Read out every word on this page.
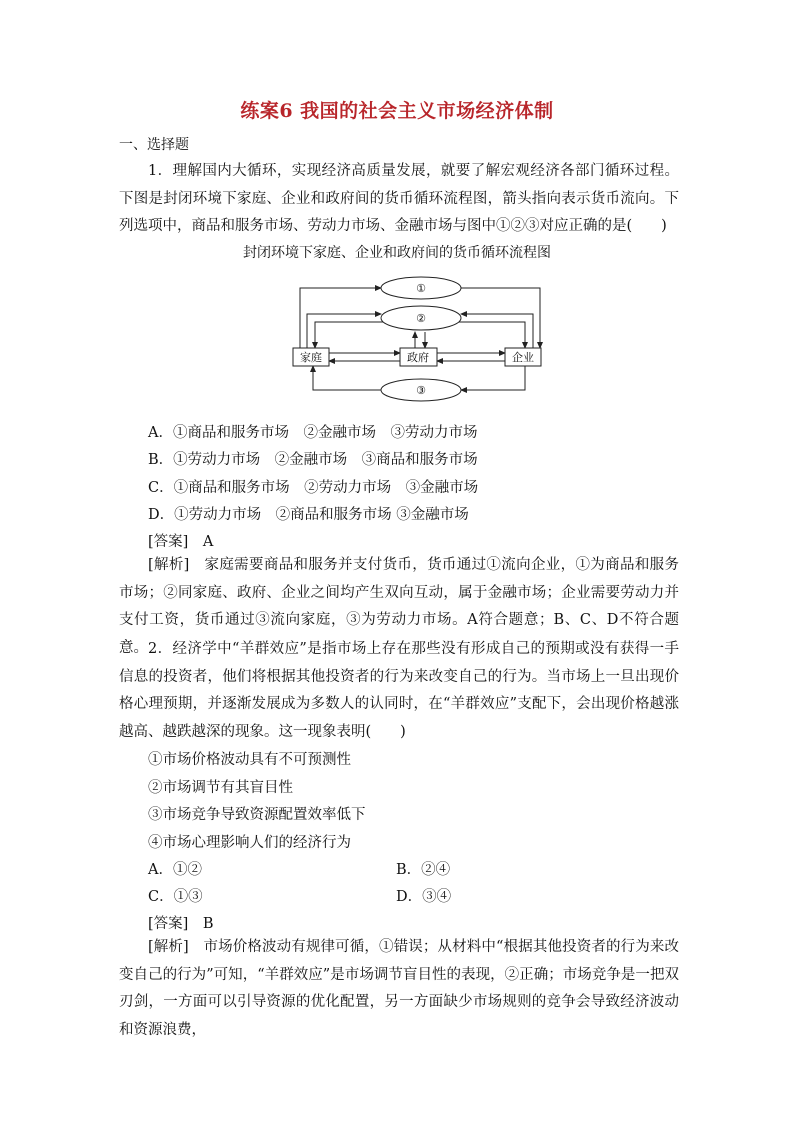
练案6 我国的社会主义市场经济体制
一、选择题
1．理解国内大循环，实现经济高质量发展，就要了解宏观经济各部门循环过程。下图是封闭环境下家庭、企业和政府间的货币循环流程图，箭头指向表示货币流向。下列选项中，商品和服务市场、劳动力市场、金融市场与图中①②③对应正确的是(　　)
封闭环境下家庭、企业和政府间的货币循环流程图
①
②
③
家庭	政府	企业
A．①商品和服务市场　②金融市场　③劳动力市场
B．①劳动力市场　②金融市场　③商品和服务市场
C．①商品和服务市场　②劳动力市场　③金融市场
D．①劳动力市场　②商品和服务市场 ③金融市场
[答案]　A
[解析]　家庭需要商品和服务并支付货币，货币通过①流向企业，①为商品和服务市场；②同家庭、政府、企业之间均产生双向互动，属于金融市场；企业需要劳动力并支付工资，货币通过③流向家庭，③为劳动力市场。A符合题意；B、C、D不符合题意。 2．经济学中“羊群效应”是指市场上存在那些没有形成自己的预期或没有获得一手信息的投资者，他们将根据其他投资者的行为来改变自己的行为。当市场上一旦出现价格心理预期，并逐渐发展成为多数人的认同时，在“羊群效应”支配下，会出现价格越涨越高、越跌越深的现象。这一现象表明(　　)
①市场价格波动具有不可预测性
②市场调节有其盲目性
③市场竞争导致资源配置效率低下
④市场心理影响人们的经济行为
A．①②	B．②④
C．①③	D．③④
[答案]　B
[解析]　市场价格波动有规律可循，①错误；从材料中“根据其他投资者的行为来改变自己的行为”可知，“羊群效应”是市场调节盲目性的表现，②正确；市场竞争是一把双刃剑，一方面可以引导资源的优化配置，另一方面缺少市场规则的竞争会导致经济波动和资源浪费，
